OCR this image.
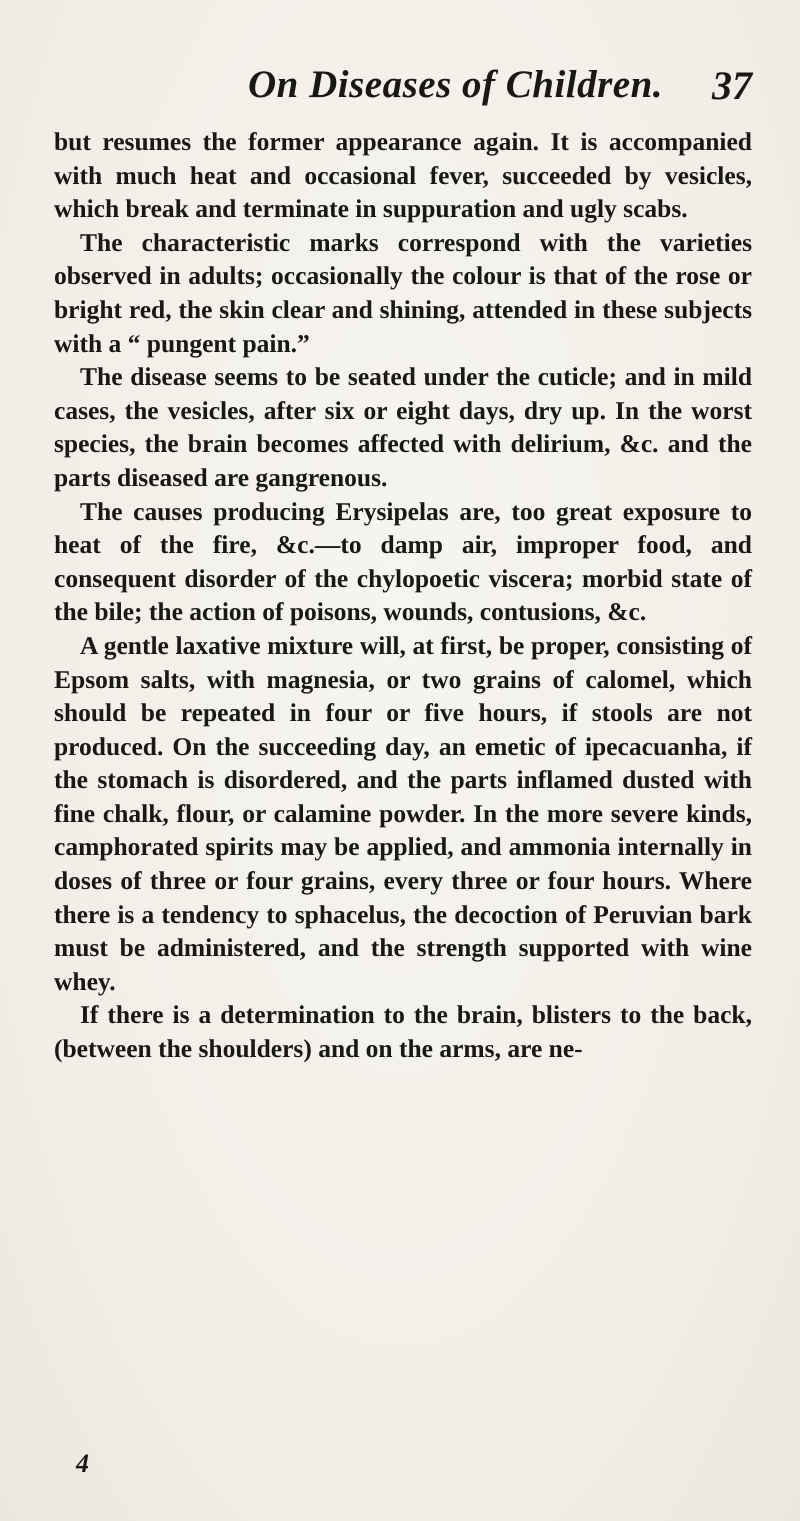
On Diseases of Children. 37

but resumes the former appearance again. It is accompanied with much heat and occasional fever, succeeded by vesicles, which break and terminate in suppuration and ugly scabs.

The characteristic marks correspond with the varieties observed in adults; occasionally the colour is that of the rose or bright red, the skin clear and shining, attended in these subjects with a “ pungent pain.”

The disease seems to be seated under the cuticle; and in mild cases, the vesicles, after six or eight days, dry up. In the worst species, the brain becomes affected with delirium, &c. and the parts diseased are gangrenous.

The causes producing Erysipelas are, too great exposure to heat of the fire, &c.—to damp air, improper food, and consequent disorder of the chylopoetic viscera; morbid state of the bile; the action of poisons, wounds, contusions, &c.

A gentle laxative mixture will, at first, be proper, consisting of Epsom salts, with magnesia, or two grains of calomel, which should be repeated in four or five hours, if stools are not produced. On the succeeding day, an emetic of ipecacuanha, if the stomach is disordered, and the parts inflamed dusted with fine chalk, flour, or calamine powder. In the more severe kinds, camphorated spirits may be applied, and ammonia internally in doses of three or four grains, every three or four hours. Where there is a tendency to sphacelus, the decoction of Peruvian bark must be administered, and the strength supported with wine whey.

If there is a determination to the brain, blisters to the back, (between the shoulders) and on the arms, are ne-

4
